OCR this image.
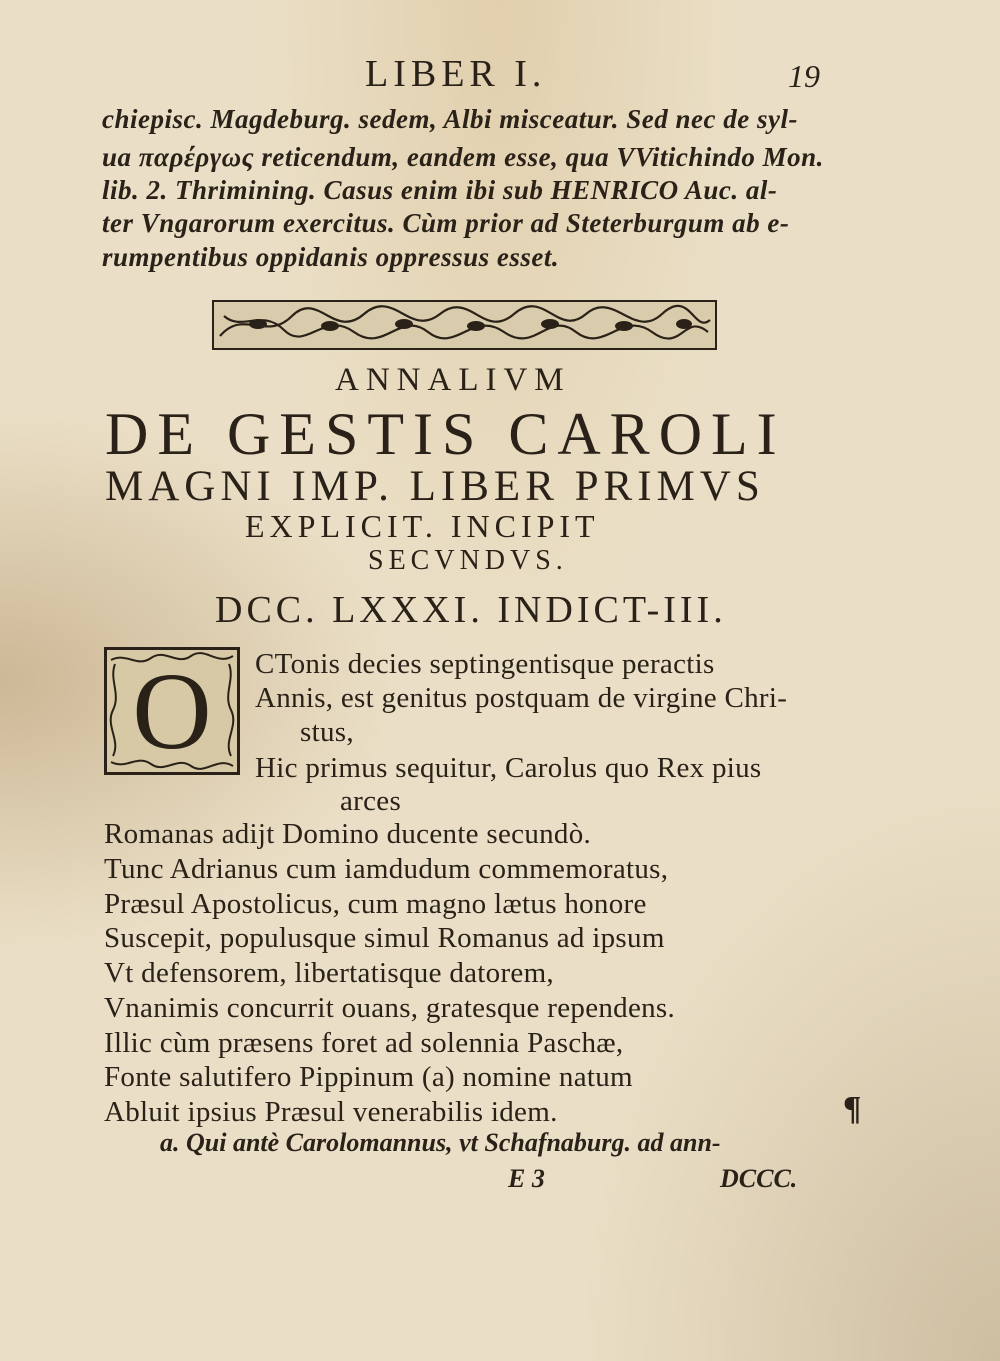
LIBER I.	19
chiepisc. Magdeburg. sedem, Albi misceatur. Sed nec de syl-
ua παρέργως reticendum, eandem esse, qua VVitichindo Mon.
lib. 2. Thrimining. Casus enim ibi sub HENRICO Auc. al-
ter Vngarorum exercitus. Cùm prior ad Steterburgum ab e-
rumpentibus oppidanis oppressus esset.
ANNALIVM
DE GESTIS CAROLI
MAGNI IMP. LIBER PRIMVS
EXPLICIT. INCIPIT
SECVNDVS.
DCC. LXXXI. INDICT-III.
O	CTonis decies septingentisque peractis
Annis, est genitus postquam de virgine Chri-
stus,
Hic primus sequitur, Carolus quo Rex pius
arces
Romanas adijt Domino ducente secundò.
Tunc Adrianus cum iamdudum commemoratus,
Præsul Apostolicus, cum magno lætus honore
Suscepit, populusque simul Romanus ad ipsum
Vt defensorem, libertatisque datorem,
Vnanimis concurrit ouans, gratesque rependens.
Illic cùm præsens foret ad solennia Paschæ,
Fonte salutifero Pippinum (a) nomine natum
Abluit ipsius Præsul venerabilis idem.	¶
a. Qui antè Carolomannus, vt Schafnaburg. ad ann-
E 3	DCCC.
